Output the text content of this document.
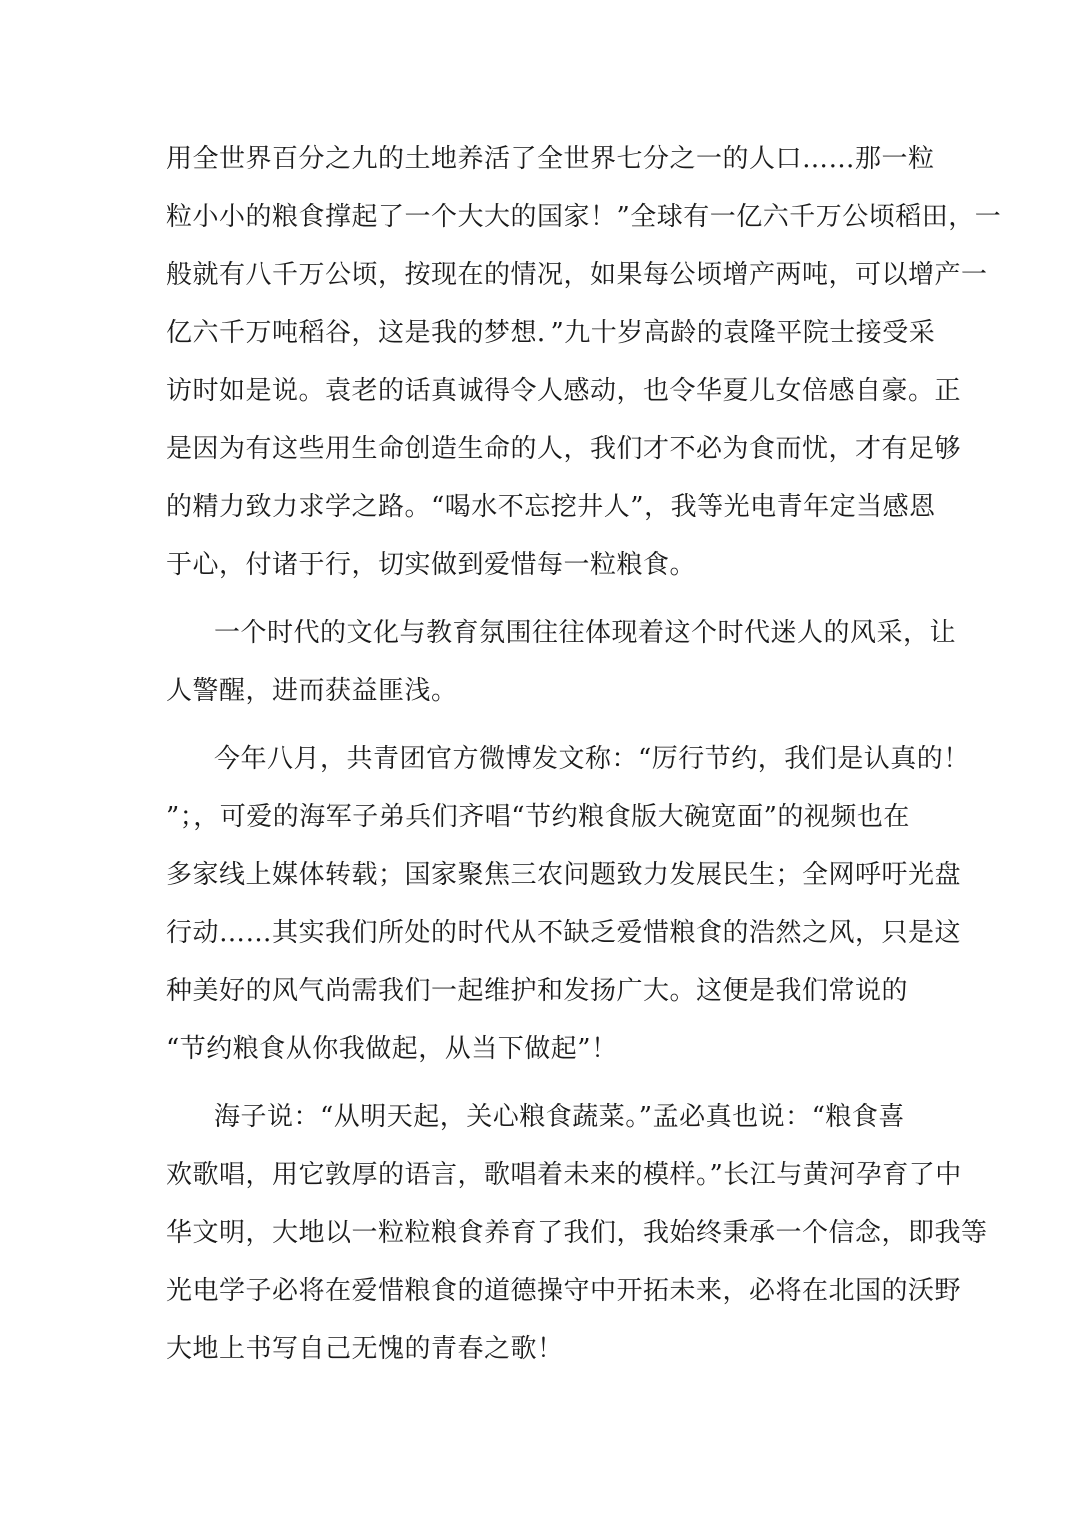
用全世界百分之九的土地养活了全世界七分之一的人口……那一粒
粒小小的粮食撑起了一个大大的国家！”全球有一亿六千万公顷稻田，一
般就有八千万公顷，按现在的情况，如果每公顷增产两吨，可以增产一
亿六千万吨稻谷，这是我的梦想．”九十岁高龄的袁隆平院士接受采
访时如是说。袁老的话真诚得令人感动，也令华夏儿女倍感自豪。正
是因为有这些用生命创造生命的人，我们才不必为食而忧，才有足够
的精力致力求学之路。“喝水不忘挖井人”，我等光电青年定当感恩
于心，付诸于行，切实做到爱惜每一粒粮食。
一个时代的文化与教育氛围往往体现着这个时代迷人的风采，让
人警醒，进而获益匪浅。
今年八月，共青团官方微博发文称：“厉行节约，我们是认真的！
”；，可爱的海军子弟兵们齐唱“节约粮食版大碗宽面”的视频也在
多家线上媒体转载；国家聚焦三农问题致力发展民生；全网呼吁光盘
行动……其实我们所处的时代从不缺乏爱惜粮食的浩然之风，只是这
种美好的风气尚需我们一起维护和发扬广大。这便是我们常说的
“节约粮食从你我做起，从当下做起”！
海子说：“从明天起，关心粮食蔬菜。”孟必真也说：“粮食喜
欢歌唱，用它敦厚的语言，歌唱着未来的模样。”长江与黄河孕育了中
华文明，大地以一粒粒粮食养育了我们，我始终秉承一个信念，即我等
光电学子必将在爱惜粮食的道德操守中开拓未来，必将在北国的沃野
大地上书写自己无愧的青春之歌！
